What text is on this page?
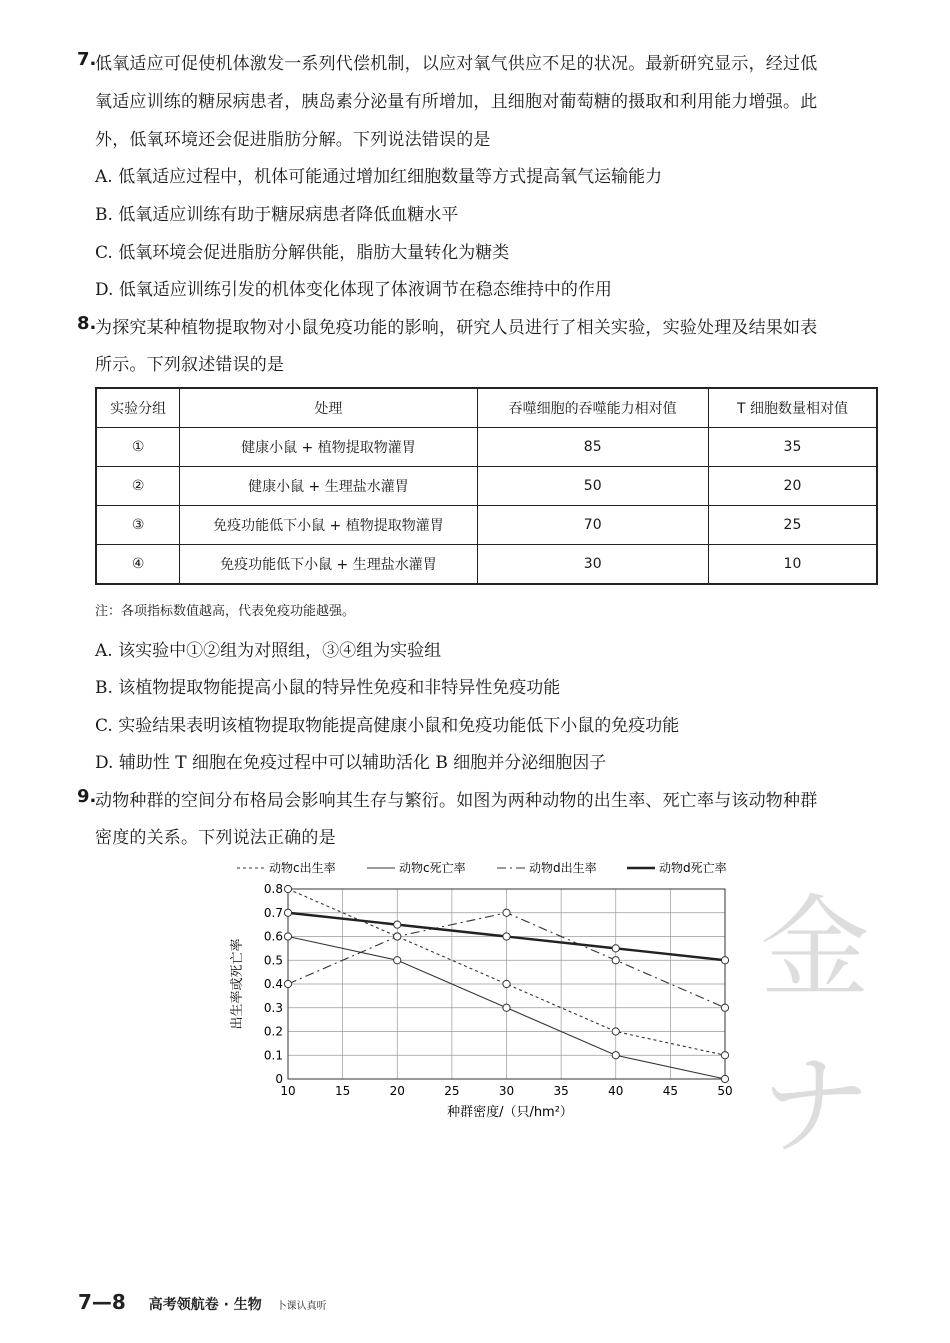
7.
低氧适应可促使机体激发一系列代偿机制，以应对氧气供应不足的状况。最新研究显示，经过低
氧适应训练的糖尿病患者，胰岛素分泌量有所增加，且细胞对葡萄糖的摄取和利用能力增强。此
外，低氧环境还会促进脂肪分解。下列说法错误的是
A. 低氧适应过程中，机体可能通过增加红细胞数量等方式提高氧气运输能力
B. 低氧适应训练有助于糖尿病患者降低血糖水平
C. 低氧环境会促进脂肪分解供能，脂肪大量转化为糖类
D. 低氧适应训练引发的机体变化体现了体液调节在稳态维持中的作用
8.
为探究某种植物提取物对小鼠免疫功能的影响，研究人员进行了相关实验，实验处理及结果如表
所示。下列叙述错误的是
实验分组	处理	吞噬细胞的吞噬能力相对值	T 细胞数量相对值
①	健康小鼠 + 植物提取物灌胃	85	35
②	健康小鼠 + 生理盐水灌胃	50	20
③	免疫功能低下小鼠 + 植物提取物灌胃	70	25
④	免疫功能低下小鼠 + 生理盐水灌胃	30	10
注：各项指标数值越高，代表免疫功能越强。
A. 该实验中①②组为对照组，③④组为实验组
B. 该植物提取物能提高小鼠的特异性免疫和非特异性免疫功能
C. 实验结果表明该植物提取物能提高健康小鼠和免疫功能低下小鼠的免疫功能
D. 辅助性 T 细胞在免疫过程中可以辅助活化 B 细胞并分泌细胞因子
9.
动物种群的空间分布格局会影响其生存与繁衍。如图为两种动物的出生率、死亡率与该动物种群
密度的关系。下列说法正确的是
金 ナ
动物c出生率	动物c死亡率	动物d出生率	动物d死亡率
0
0.1
0.2
0.3
0.4
0.5
0.6
0.7
0.8
10	15	20	25	30	35	40	45	50
出生率或死亡率
种群密度/（只/hm²）
7—8 高考领航卷 · 生物 卜课认真听
